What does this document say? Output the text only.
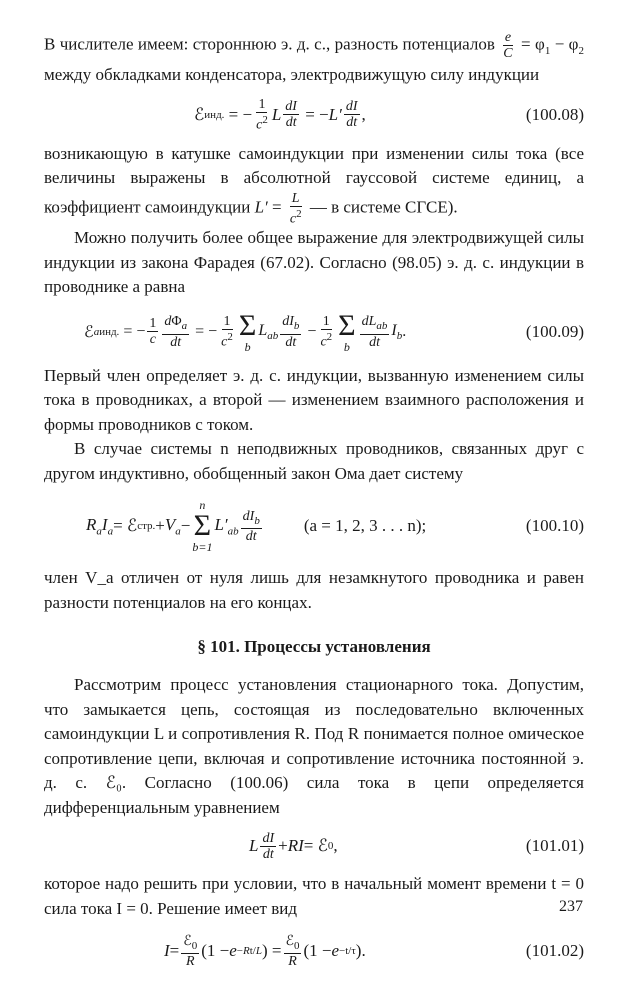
В числителе имеем: стороннюю э. д. с., разность потенциалов $\frac{e}{C} = \varphi_1 - \varphi_2$ между обкладками конденсатора, электродвижущую силу индукции

ℰ инд. = − $\frac{1}{c^2}$ L $\frac{dI}{dt}$ = − $L' \frac{dI}{dt}$ ,	(100.08)

возникающую в катушке самоиндукции при изменении силы тока (все величины выражены в абсолютной гауссовой системе единиц, а коэффициент самоиндукции $L' = \frac{L}{c^2}$ — в системе СГСЕ).

Можно получить более общее выражение для электродвижущей силы индукции из закона Фарадея (67.02). Согласно (98.05) э. д. с. индукции в проводнике a равна

ℰ a инд. = − $\frac{1}{c} \frac{d\Phi_a}{dt}$ = − $\frac{1}{c^2}$ Σ
b
$L_{ab} \frac{dI_b}{dt} - \frac{1}{c^2}$ Σ
b $\frac{dL_{ab}}{dt} I_b$ .	(100.09)

Первый член определяет э. д. с. индукции, вызванную изменением силы тока в проводниках, а второй — изменением взаимного расположения и формы проводников с током.

В случае системы n неподвижных проводников, связанных друг с другом индуктивно, обобщенный закон Ома дает систему

$R_aI_a$ = ℰ стр. + $V_a$ −
n
Σ
b=1
$L'_{ab} \frac{dI_b}{dt} (a = 1$, 2, 3 . . . n);	(100.10)

член V_a отличен от нуля лишь для незамкнутого проводника и равен разности потенциалов на его концах.

§ 101. Процессы установления

Рассмотрим процесс установления стационарного тока. Допустим, что замыкается цепь, состоящая из последовательно включенных самоиндукции L и сопротивления R. Под R понимается полное омическое сопротивление цепи, включая и сопротивление источника постоянной э. д. с. ℰ₀. Согласно (100.06) сила тока в цепи определяется дифференциальным уравнением

L $\frac{dI}{dt}$ + RI = ℰ 0 ,	(101.01)

которое надо решить при условии, что в начальный момент времени t = 0 сила тока I = 0. Решение имеет вид

$I = \frac{ℰ_0}{R} (1 - e -Rt/L$ ) = $\frac{ℰ_0}{R} (1 - e -t/\tau$ ).	(101.02)
237
